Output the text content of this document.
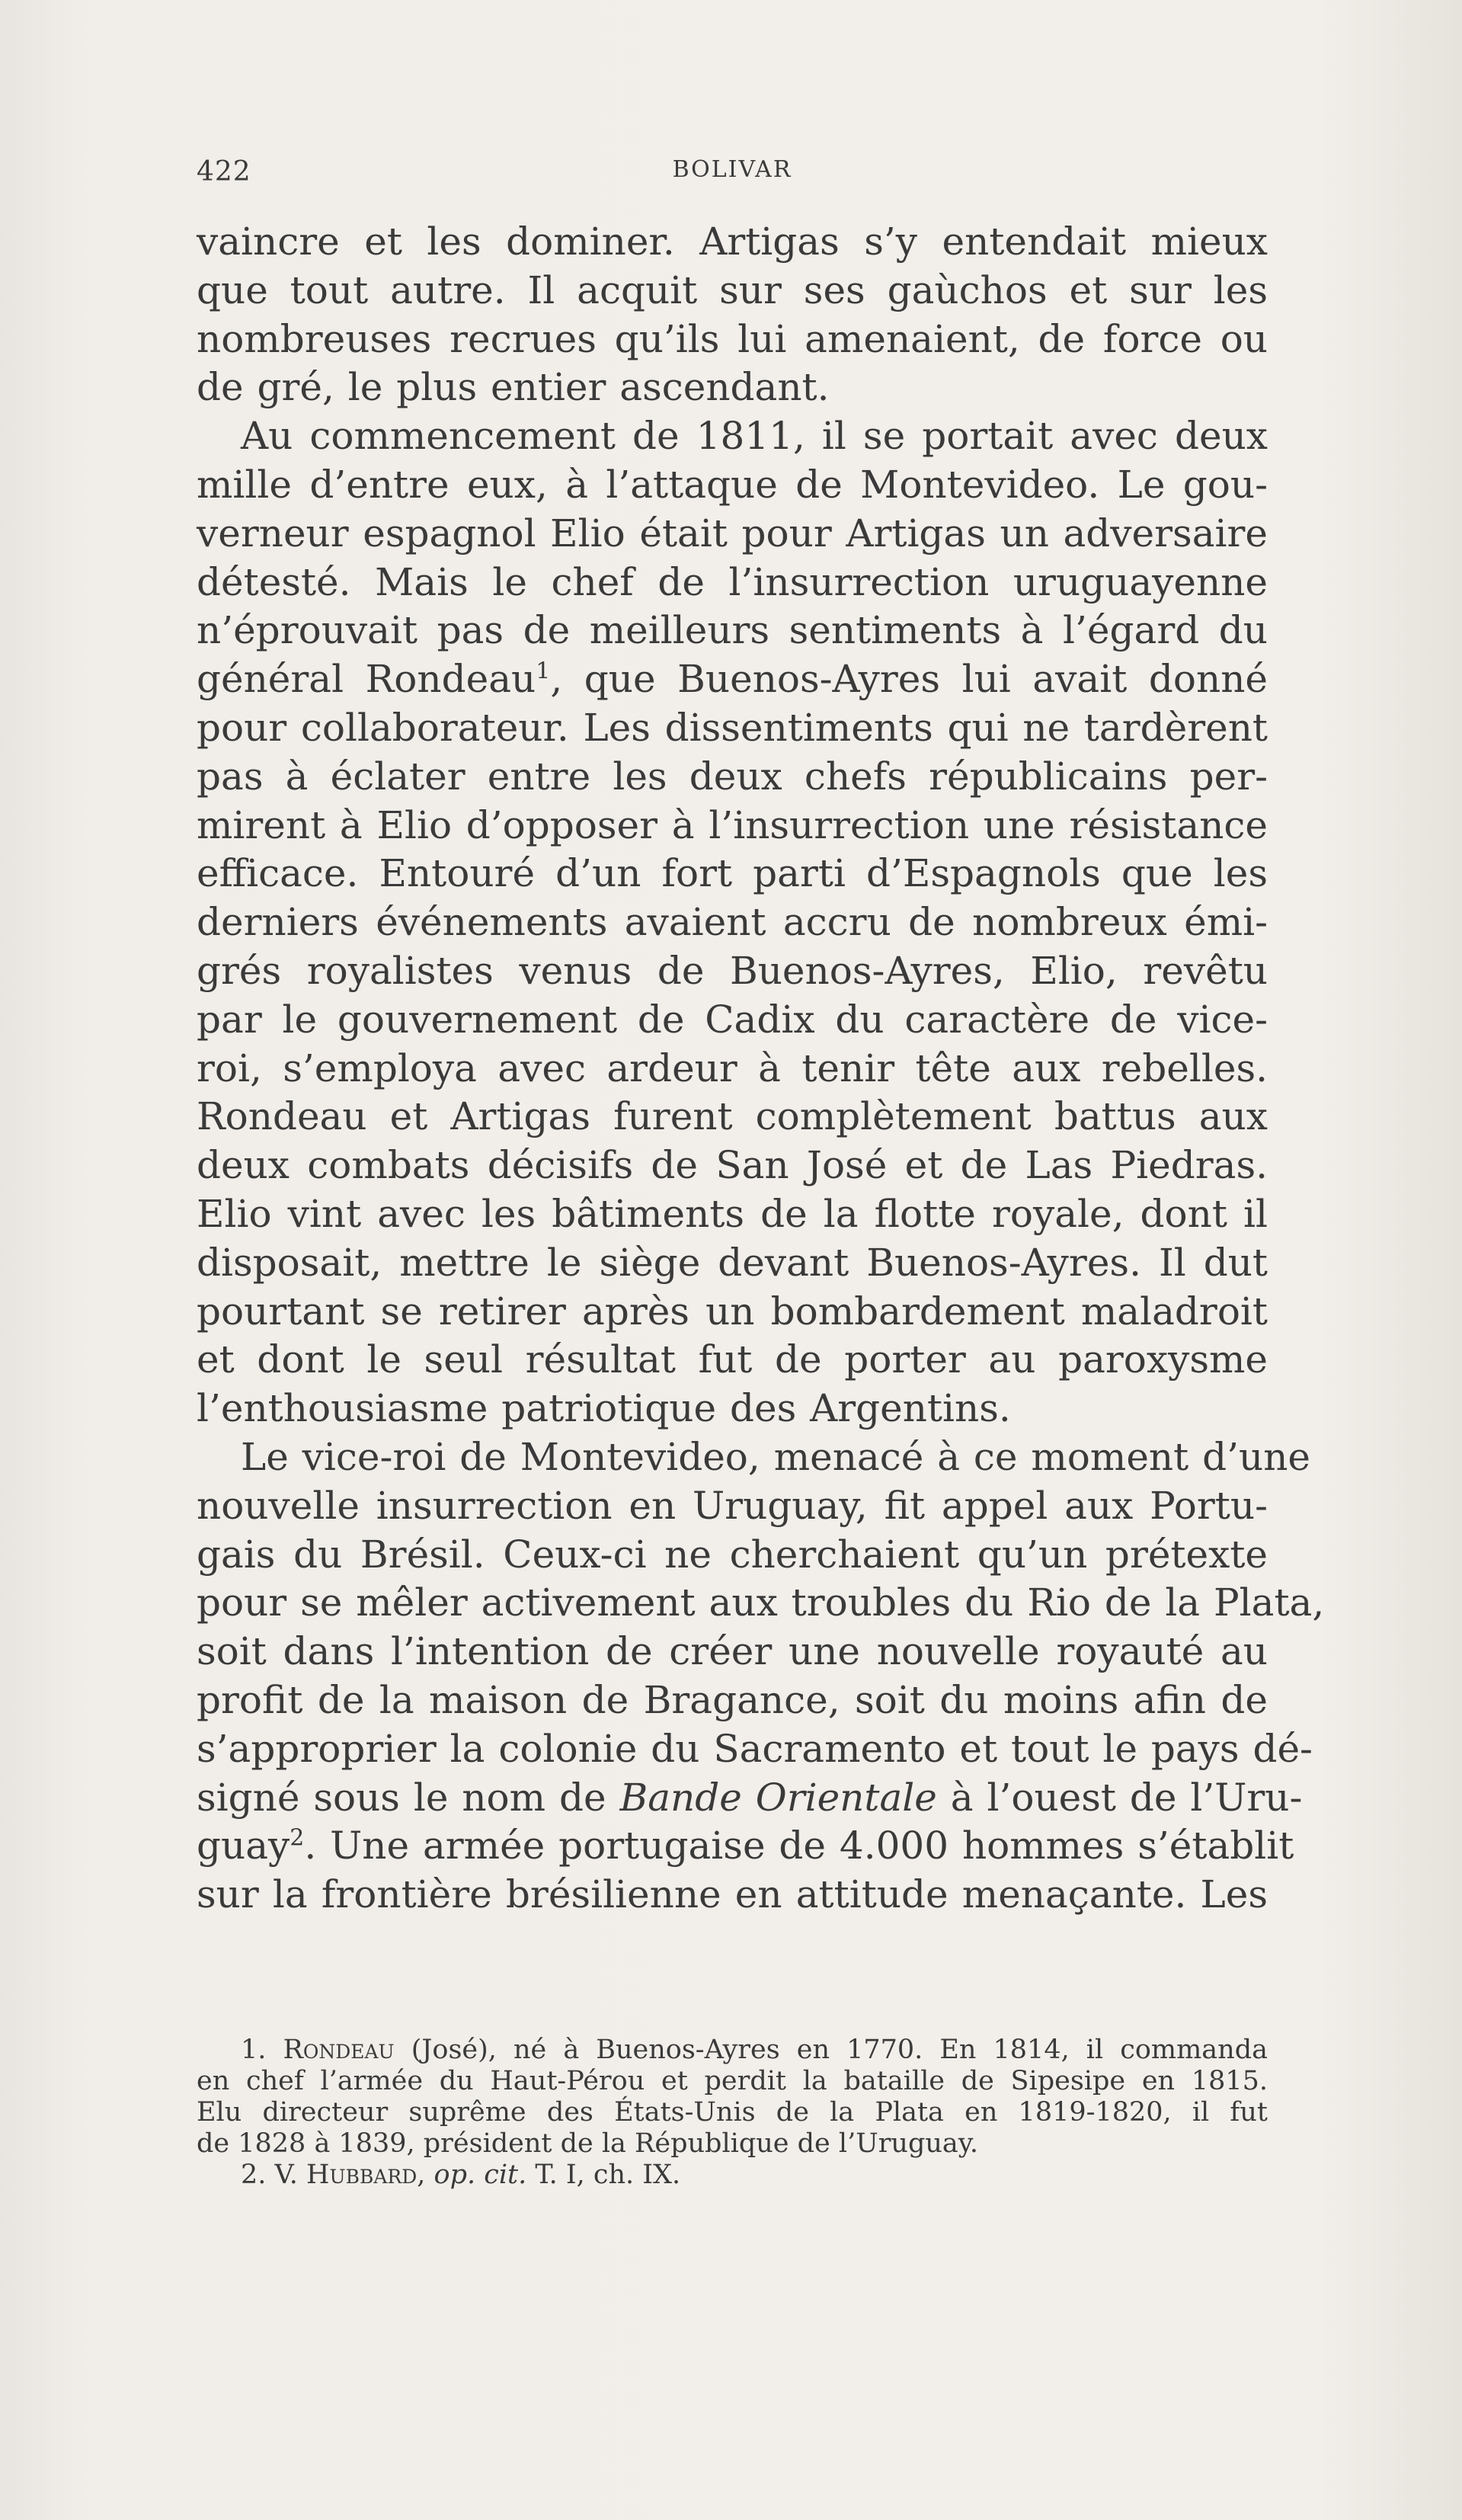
422	BOLIVAR
vaincre et les dominer. Artigas s’y entendait mieux
que tout autre. Il acquit sur ses gaùchos et sur les
nombreuses recrues qu’ils lui amenaient, de force ou
de gré, le plus entier ascendant.
Au commencement de 1811, il se portait avec deux
mille d’entre eux, à l’attaque de Montevideo. Le gou-
verneur espagnol Elio était pour Artigas un adversaire
détesté. Mais le chef de l’insurrection uruguayenne
n’éprouvait pas de meilleurs sentiments à l’égard du
général Rondeau$^1$, que Buenos-Ayres lui avait donné
pour collaborateur. Les dissentiments qui ne tardèrent
pas à éclater entre les deux chefs républicains per-
mirent à Elio d’opposer à l’insurrection une résistance
efficace. Entouré d’un fort parti d’Espagnols que les
derniers événements avaient accru de nombreux émi-
grés royalistes venus de Buenos-Ayres, Elio, revêtu
par le gouvernement de Cadix du caractère de vice-
roi, s’employa avec ardeur à tenir tête aux rebelles.
Rondeau et Artigas furent complètement battus aux
deux combats décisifs de San José et de Las Piedras.
Elio vint avec les bâtiments de la flotte royale, dont il
disposait, mettre le siège devant Buenos-Ayres. Il dut
pourtant se retirer après un bombardement maladroit
et dont le seul résultat fut de porter au paroxysme
l’enthousiasme patriotique des Argentins.
Le vice-roi de Montevideo, menacé à ce moment d’une
nouvelle insurrection en Uruguay, fit appel aux Portu-
gais du Brésil. Ceux-ci ne cherchaient qu’un prétexte
pour se mêler activement aux troubles du Rio de la Plata,
soit dans l’intention de créer une nouvelle royauté au
profit de la maison de Bragance, soit du moins afin de
s’approprier la colonie du Sacramento et tout le pays dé-
signé sous le nom de Bande Orientale à l’ouest de l’Uru-
guay$^2$. Une armée portugaise de 4.000 hommes s’établit
sur la frontière brésilienne en attitude menaçante. Les
1. Rondeau (José), né à Buenos-Ayres en 1770. En 1814, il commanda
en chef l’armée du Haut-Pérou et perdit la bataille de Sipesipe en 1815.
Elu directeur suprême des États-Unis de la Plata en 1819-1820, il fut
de 1828 à 1839, président de la République de l’Uruguay.
2. V. Hubbard, op. cit. T. I, ch. IX.
